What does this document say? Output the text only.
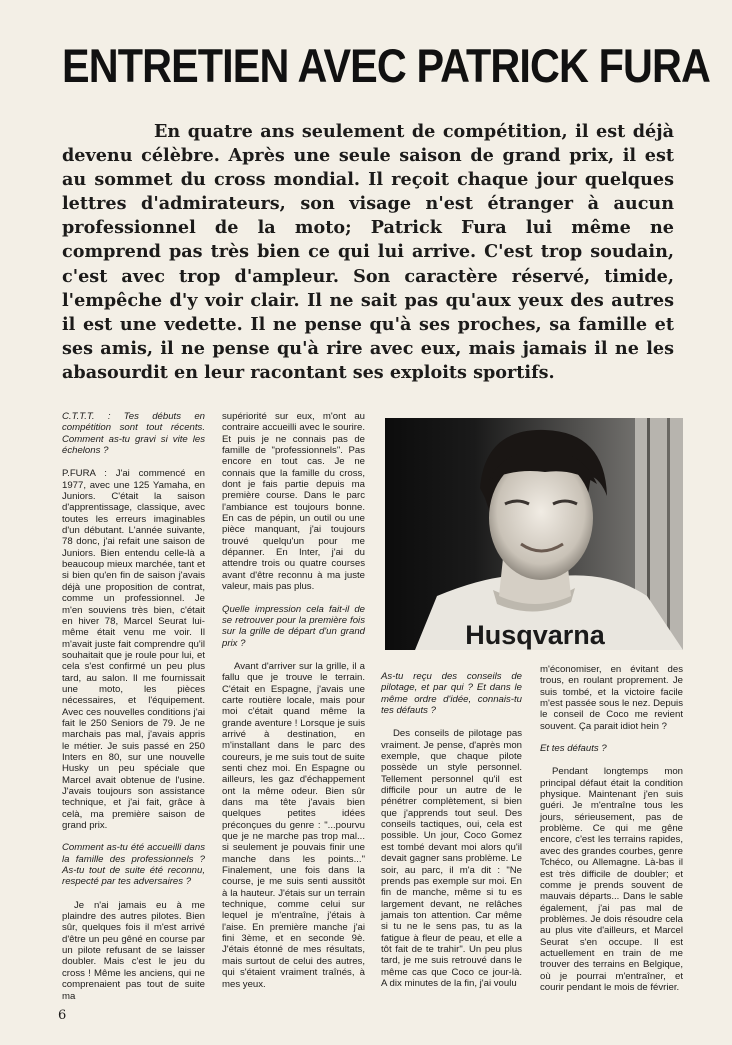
ENTRETIEN AVEC PATRICK FURA
En quatre ans seulement de compétition, il est déjà devenu célèbre. Après une seule saison de grand prix, il est au sommet du cross mondial. Il reçoit chaque jour quelques lettres d'admirateurs, son visage n'est étranger à aucun professionnel de la moto; Patrick Fura lui même ne comprend pas très bien ce qui lui arrive. C'est trop soudain, c'est avec trop d'ampleur. Son caractère réservé, timide, l'empêche d'y voir clair. Il ne sait pas qu'aux yeux des autres il est une vedette. Il ne pense qu'à ses proches, sa famille et ses amis, il ne pense qu'à rire avec eux, mais jamais il ne les abasourdit en leur racontant ses exploits sportifs.

C.T.T.T. : Tes débuts en compétition sont tout récents. Comment as-tu gravi si vite les échelons ?

P.FURA : J'ai commencé en 1977, avec une 125 Yamaha, en Juniors. C'était la saison d'apprentissage, classique, avec toutes les erreurs imaginables d'un débutant. L'année suivante, 78 donc, j'ai refait une saison de Juniors. Bien entendu celle-là a beaucoup mieux marchée, tant et si bien qu'en fin de saison j'avais déjà une proposition de contrat, comme un professionnel. Je m'en souviens très bien, c'était en hiver 78, Marcel Seurat lui-même était venu me voir. Il m'avait juste fait comprendre qu'il souhaitait que je roule pour lui, et cela s'est confirmé un peu plus tard, au salon. Il me fournissait une moto, les pièces nécessaires, et l'équipement. Avec ces nouvelles conditions j'ai fait le 250 Seniors de 79. Je ne marchais pas mal, j'avais appris le métier. Je suis passé en 250 Inters en 80, sur une nouvelle Husky un peu spéciale que Marcel avait obtenue de l'usine. J'avais toujours son assistance technique, et j'ai fait, grâce à celà, ma première saison de grand prix.

Comment as-tu été accueilli dans la famille des professionnels ? As-tu tout de suite été reconnu, respecté par tes adversaires ?

Je n'ai jamais eu à me plaindre des autres pilotes. Bien sûr, quelques fois il m'est arrivé d'être un peu gêné en course par un pilote refusant de se laisser doubler. Mais c'est le jeu du cross ! Même les anciens, qui ne comprenaient pas tout de suite ma

supériorité sur eux, m'ont au contraire accueilli avec le sourire. Et puis je ne connais pas de famille de "professionnels". Pas encore en tout cas. Je ne connais que la famille du cross, dont je fais partie depuis ma première course. Dans le parc l'ambiance est toujours bonne. En cas de pépin, un outil ou une pièce manquant, j'ai toujours trouvé quelqu'un pour me dépanner. En Inter, j'ai du attendre trois ou quatre courses avant d'être reconnu à ma juste valeur, mais pas plus.

Quelle impression cela fait-il de se retrouver pour la première fois sur la grille de départ d'un grand prix ?

Avant d'arriver sur la grille, il a fallu que je trouve le terrain. C'était en Espagne, j'avais une carte routière locale, mais pour moi c'était quand même la grande aventure ! Lorsque je suis arrivé à destination, en m'installant dans le parc des coureurs, je me suis tout de suite senti chez moi. En Espagne ou ailleurs, les gaz d'échappement ont la même odeur. Bien sûr dans ma tête j'avais bien quelques petites idées préconçues du genre : "...pourvu que je ne marche pas trop mal... si seulement je pouvais finir une manche dans les points..." Finalement, une fois dans la course, je me suis senti aussitôt à la hauteur. J'étais sur un terrain technique, comme celui sur lequel je m'entraîne, j'étais à l'aise. En première manche j'ai fini 3ème, et en seconde 9è. J'étais étonné de mes résultats, mais surtout de celui des autres, qui s'étaient vraiment traînés, à mes yeux.

Husqvarna

As-tu reçu des conseils de pilotage, et par qui ? Et dans le même ordre d'idée, connais-tu tes défauts ?

Des conseils de pilotage pas vraiment. Je pense, d'après mon exemple, que chaque pilote possède un style personnel. Tellement personnel qu'il est difficile pour un autre de le pénétrer complètement, si bien que j'apprends tout seul. Des conseils tactiques, oui, cela est possible. Un jour, Coco Gomez est tombé devant moi alors qu'il devait gagner sans problème. Le soir, au parc, il m'a dit : "Ne prends pas exemple sur moi. En fin de manche, même si tu es largement devant, ne relâches jamais ton attention. Car même si tu ne le sens pas, tu as la fatigue à fleur de peau, et elle a tôt fait de te trahir". Un peu plus tard, je me suis retrouvé dans le même cas que Coco ce jour-là. A dix minutes de la fin, j'ai voulu

m'économiser, en évitant des trous, en roulant proprement. Je suis tombé, et la victoire facile m'est passée sous le nez. Depuis le conseil de Coco me revient souvent. Ça parait idiot hein ?

Et tes défauts ?

Pendant longtemps mon principal défaut était la condition physique. Maintenant j'en suis guéri. Je m'entraîne tous les jours, sérieusement, pas de problème. Ce qui me gêne encore, c'est les terrains rapides, avec des grandes courbes, genre Tchéco, ou Allemagne. Là-bas il est très difficile de doubler; et comme je prends souvent de mauvais départs... Dans le sable également, j'ai pas mal de problèmes. Je dois résoudre cela au plus vite d'ailleurs, et Marcel Seurat s'en occupe. Il est actuellement en train de me trouver des terrains en Belgique, où je pourrai m'entraîner, et courir pendant le mois de février.

6
